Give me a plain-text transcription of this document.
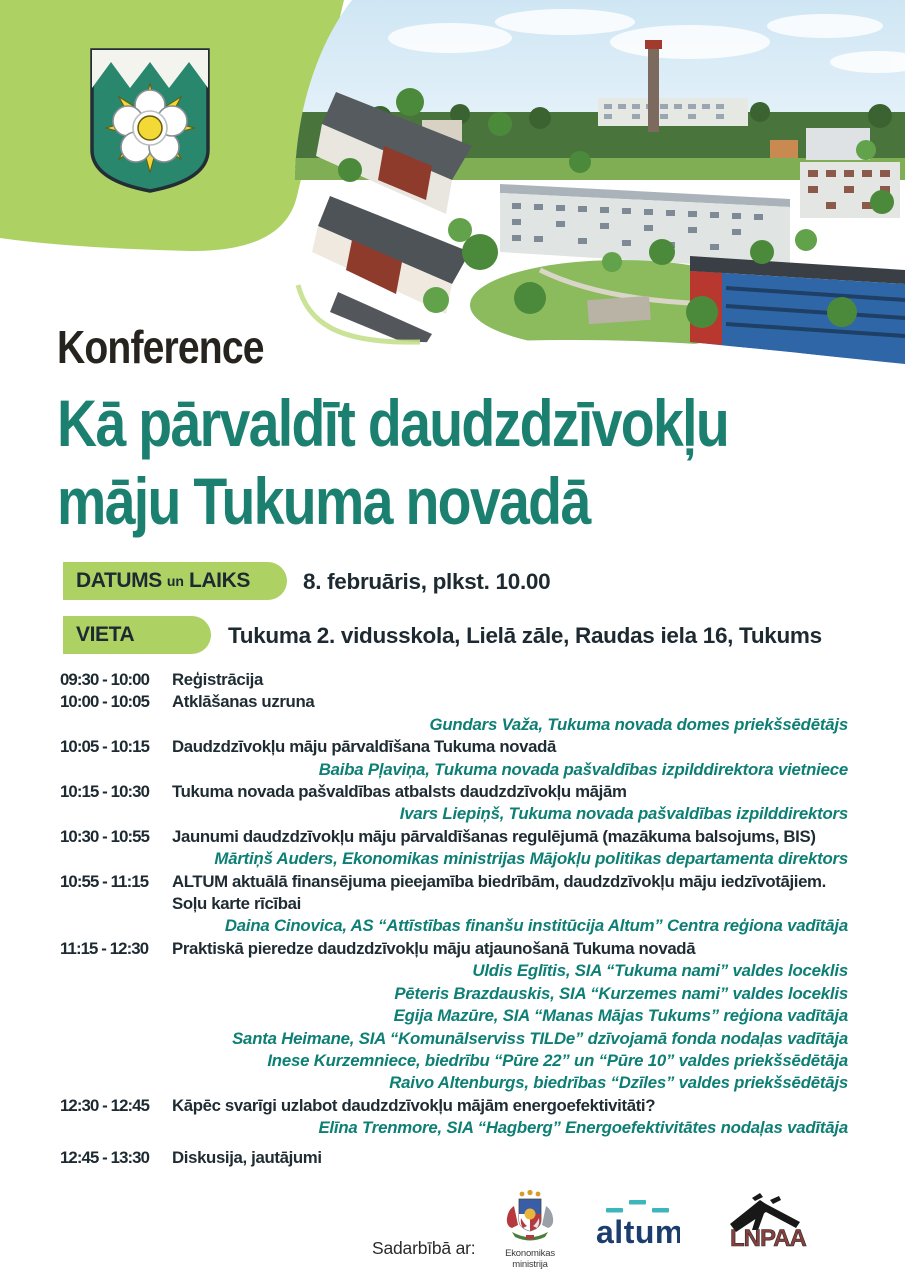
Konference
Kā pārvaldīt daudzdzīvokļu
māju Tukuma novadā
DATUMS un LAIKS 8. februāris, plkst. 10.00
VIETA	Tukuma 2. vidusskola, Lielā zāle, Raudas iela 16, Tukums
09:30 - 10:00	Reģistrācija
10:00 - 10:05	Atklāšanas uzruna
Gundars Važa, Tukuma novada domes priekšsēdētājs
10:05 - 10:15	Daudzdzīvokļu māju pārvaldīšana Tukuma novadā
Baiba Pļaviņa, Tukuma novada pašvaldības izpilddirektora vietniece
10:15 - 10:30	Tukuma novada pašvaldības atbalsts daudzdzīvokļu mājām
Ivars Liepiņš, Tukuma novada pašvaldības izpilddirektors
10:30 - 10:55	Jaunumi daudzdzīvokļu māju pārvaldīšanas regulējumā (mazākuma balsojums, BIS)
Mārtiņš Auders, Ekonomikas ministrijas Mājokļu politikas departamenta direktors
10:55 - 11:15	ALTUM aktuālā finansējuma pieejamība biedrībām, daudzdzīvokļu māju iedzīvotājiem.
Soļu karte rīcībai
Daina Cinovica, AS “Attīstības finanšu institūcija Altum” Centra reģiona vadītāja
11:15 - 12:30	Praktiskā pieredze daudzdzīvokļu māju atjaunošanā Tukuma novadā
Uldis Eglītis, SIA “Tukuma nami” valdes loceklis
Pēteris Brazdauskis, SIA “Kurzemes nami” valdes loceklis
Egija Mazūre, SIA “Manas Mājas Tukums” reģiona vadītāja
Santa Heimane, SIA “Komunālserviss TILDe” dzīvojamā fonda nodaļas vadītāja
Inese Kurzemniece, biedrību “Pūre 22” un “Pūre 10” valdes priekšsēdētāja
Raivo Altenburgs, biedrības “Dzīles” valdes priekšsēdētājs
12:30 - 12:45	Kāpēc svarīgi uzlabot daudzdzīvokļu mājām energoefektivitāti?
Elīna Trenmore, SIA “Hagberg” Energoefektivitātes nodaļas vadītāja
12:45 - 13:30	Diskusija, jautājumi
Sadarbībā ar:	Ekonomikas ministrija
altum LNPAA
